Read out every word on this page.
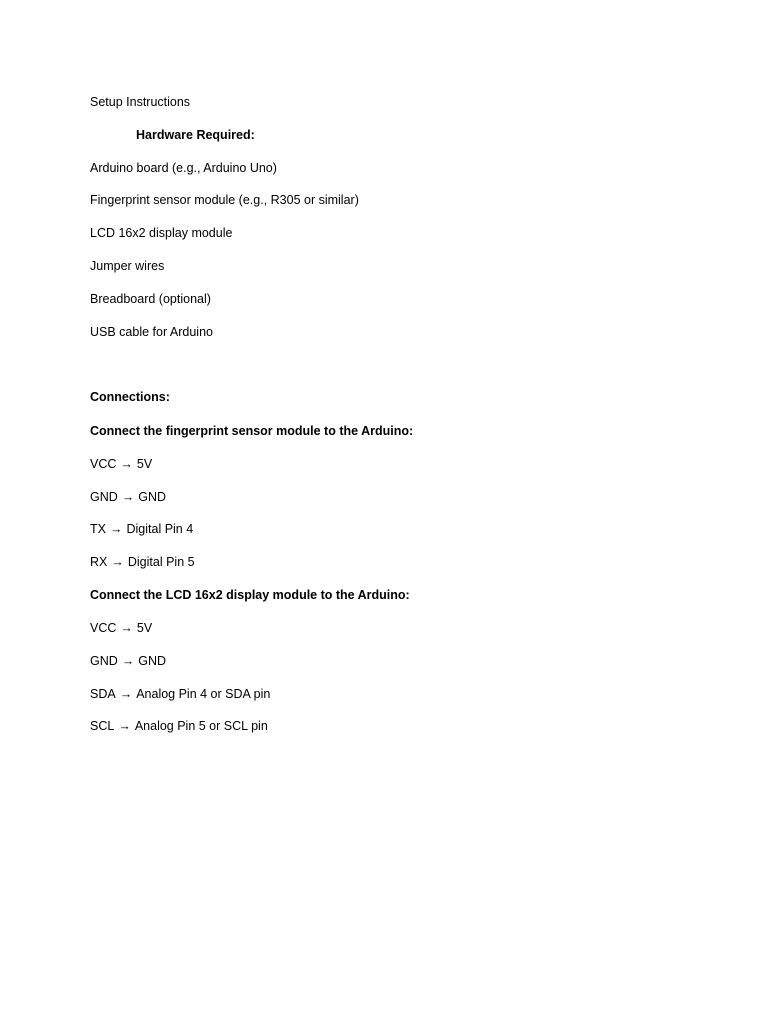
Setup Instructions
Hardware Required:
Arduino board (e.g., Arduino Uno)
Fingerprint sensor module (e.g., R305 or similar)
LCD 16x2 display module
Jumper wires
Breadboard (optional)
USB cable for Arduino
Connections:
Connect the fingerprint sensor module to the Arduino:
VCC → 5V
GND → GND
TX → Digital Pin 4
RX → Digital Pin 5
Connect the LCD 16x2 display module to the Arduino:
VCC → 5V
GND → GND
SDA → Analog Pin 4 or SDA pin
SCL → Analog Pin 5 or SCL pin
